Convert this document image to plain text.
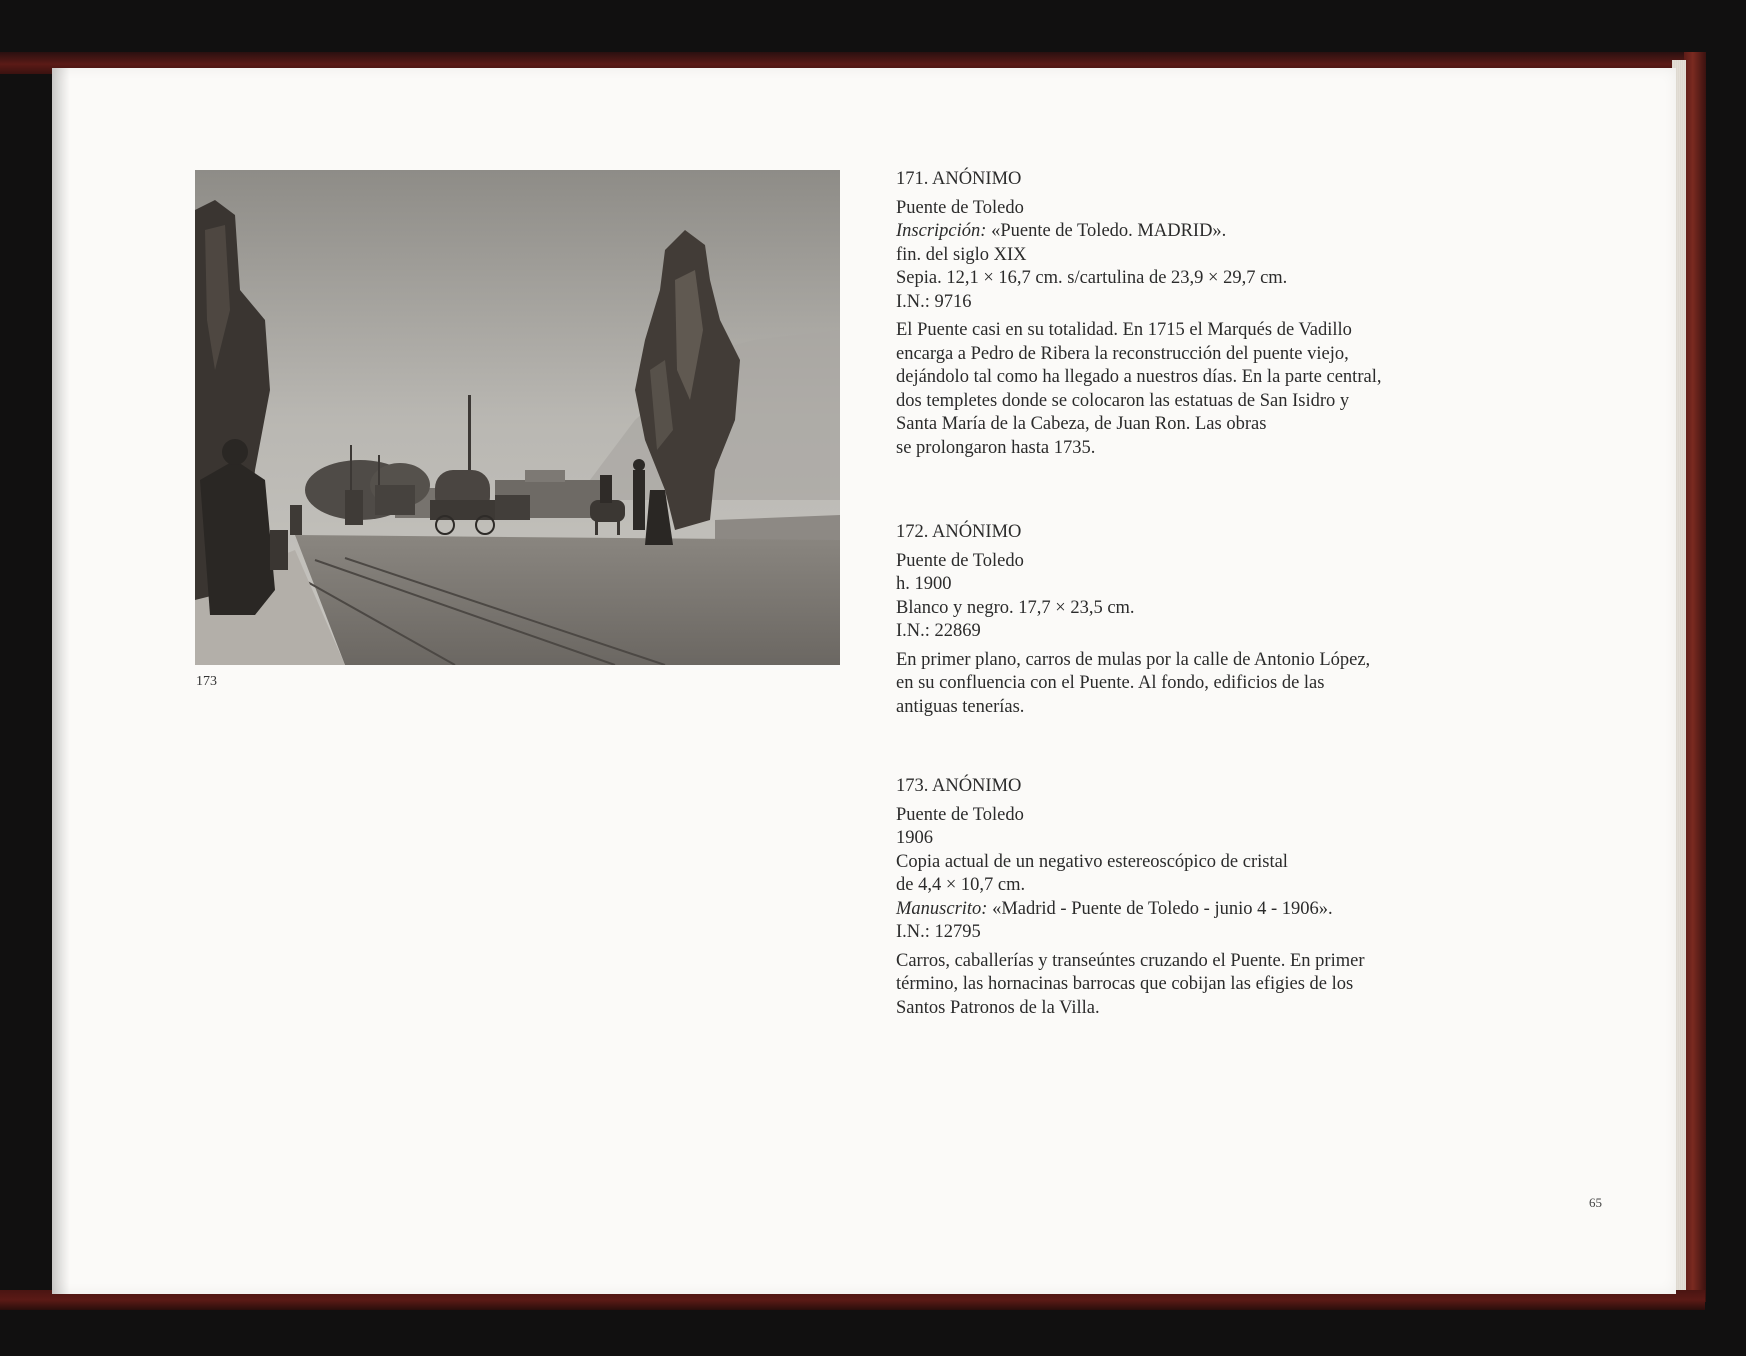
173

171. ANÓNIMO

Puente de Toledo

Inscripción: «Puente de Toledo. MADRID».

fin. del siglo XIX

Sepia. 12,1 × 16,7 cm. s/cartulina de 23,9 × 29,7 cm.

I.N.: 9716

El Puente casi en su totalidad. En 1715 el Marqués de Vadillo
encarga a Pedro de Ribera la reconstrucción del puente viejo,
dejándolo tal como ha llegado a nuestros días. En la parte central,
dos templetes donde se colocaron las estatuas de San Isidro y
Santa María de la Cabeza, de Juan Ron. Las obras
se prolongaron hasta 1735.

172. ANÓNIMO

Puente de Toledo

h. 1900

Blanco y negro. 17,7 × 23,5 cm.

I.N.: 22869

En primer plano, carros de mulas por la calle de Antonio López,
en su confluencia con el Puente. Al fondo, edificios de las
antiguas tenerías.

173. ANÓNIMO

Puente de Toledo

1906

Copia actual de un negativo estereoscópico de cristal
de 4,4 × 10,7 cm.

Manuscrito: «Madrid - Puente de Toledo - junio 4 - 1906».

I.N.: 12795

Carros, caballerías y transeúntes cruzando el Puente. En primer
término, las hornacinas barrocas que cobijan las efigies de los
Santos Patronos de la Villa.

65
